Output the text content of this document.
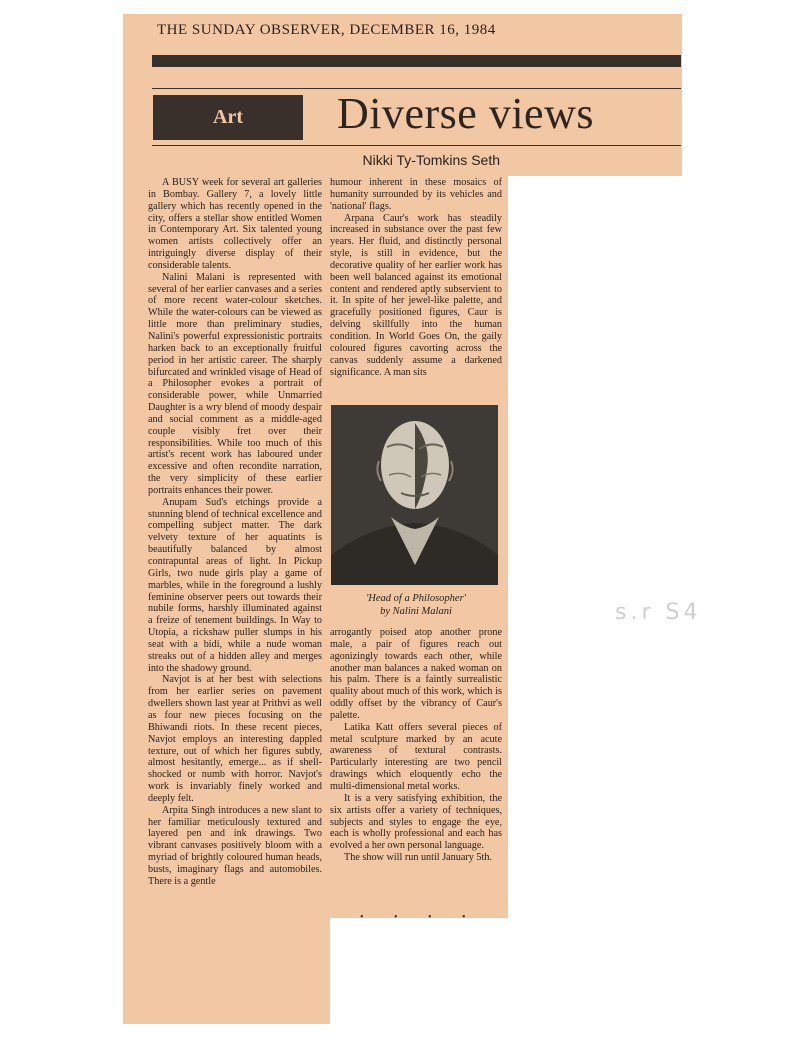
THE SUNDAY OBSERVER, DECEMBER 16, 1984
Art Diverse views
Nikki Ty-Tomkins Seth

A BUSY week for several art galleries in Bombay. Gallery 7, a lovely little gallery which has recently opened in the city, offers a stellar show entitled Women in Contemporary Art. Six talented young women artists collectively offer an intriguingly diverse display of their considerable talents.

Nalini Malani is represented with several of her earlier canvases and a series of more recent water-colour sketches. While the water-colours can be viewed as little more than preliminary studies, Nalini's powerful expressionistic portraits harken back to an exceptionally fruitful period in her artistic career. The sharply bifurcated and wrinkled visage of Head of a Philosopher evokes a portrait of considerable power, while Unmarried Daughter is a wry blend of moody despair and social comment as a middle-aged couple visibly fret over their responsibilities. While too much of this artist's recent work has laboured under excessive and often recondite narration, the very simplicity of these earlier portraits enhances their power.

Anupam Sud's etchings provide a stunning blend of technical excellence and compelling subject matter. The dark velvety texture of her aquatints is beautifully balanced by almost contrapuntal areas of light. In Pickup Girls, two nude girls play a game of marbles, while in the foreground a lushly feminine observer peers out towards their nubile forms, harshly illuminated against a freize of tenement buildings. In Way to Utopia, a rickshaw puller slumps in his seat with a bidi, while a nude woman streaks out of a hidden alley and merges into the shadowy ground.

Navjot is at her best with selections from her earlier series on pavement dwellers shown last year at Prithvi as well as four new pieces focusing on the Bhiwandi riots. In these recent pieces, Navjot employs an interesting dappled texture, out of which her figures subtly, almost hesitantly, emerge... as if shell-shocked or numb with horror. Navjot's work is invariably finely worked and deeply felt.

Arpita Singh introduces a new slant to her familiar meticulously textured and layered pen and ink drawings. Two vibrant canvases positively bloom with a myriad of brightly coloured human heads, busts, imaginary flags and automobiles. There is a gentle

humour inherent in these mosaics of humanity surrounded by its vehicles and 'national' flags.

Arpana Caur's work has steadily increased in substance over the past few years. Her fluid, and distinctly personal style, is still in evidence, but the decorative quality of her earlier work has been well balanced against its emotional content and rendered aptly subservient to it. In spite of her jewel-like palette, and gracefully positioned figures, Caur is delving skillfully into the human condition. In World Goes On, the gaily coloured figures cavorting across the canvas suddenly assume a darkened significance. A man sits

'Head of a Philosopher'
by Nalini Malani

arrogantly poised atop another prone male, a pair of figures reach out agonizingly towards each other, while another man balances a naked woman on his palm. There is a faintly surrealistic quality about much of this work, which is oddly offset by the vibrancy of Caur's palette.

Latika Katt offers several pieces of metal sculpture marked by an acute awareness of textural contrasts. Particularly interesting are two pencil drawings which eloquently echo the multi-dimensional metal works.

It is a very satisfying exhibition, the six artists offer a variety of techniques, subjects and styles to engage the eye, each is wholly professional and each has evolved a her own personal language.

The show will run until January 5th.

• • • •
s.r S4
